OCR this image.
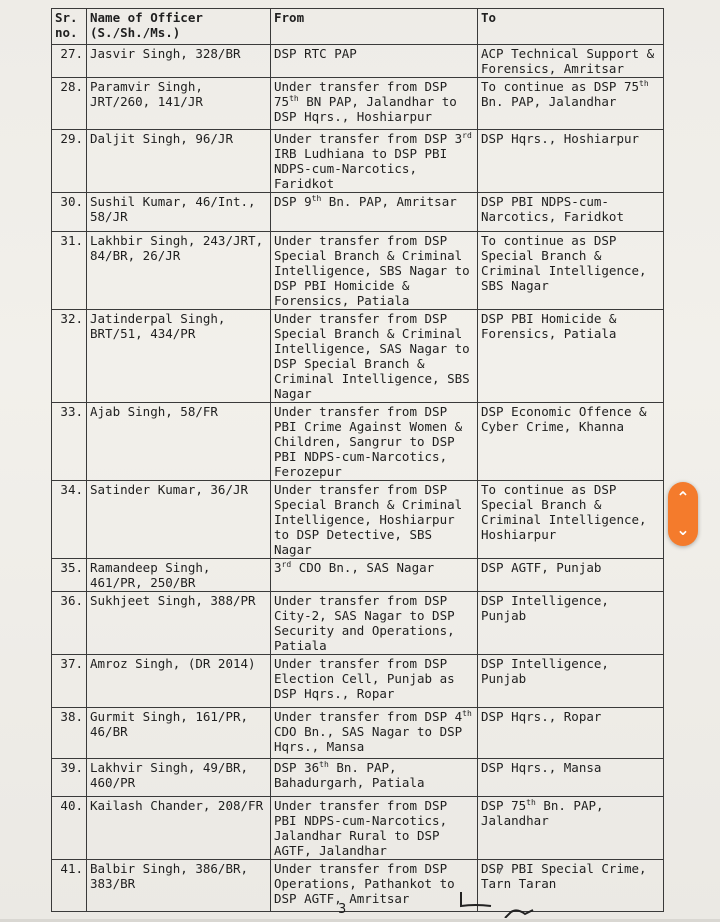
Sr. no.	Name of Officer (S./Sh./Ms.)	From	To
27.	Jasvir Singh, 328/BR	DSP RTC PAP	ACP Technical Support & Forensics, Amritsar
28.	Paramvir Singh, JRT/260, 141/JR	Under transfer from DSP 75th BN PAP, Jalandhar to DSP Hqrs., Hoshiarpur	To continue as DSP 75th Bn. PAP, Jalandhar
29.	Daljit Singh, 96/JR	Under transfer from DSP 3rd IRB Ludhiana to DSP PBI NDPS-cum-Narcotics, Faridkot	DSP Hqrs., Hoshiarpur
30.	Sushil Kumar, 46/Int., 58/JR	DSP 9th Bn. PAP, Amritsar	DSP PBI NDPS-cum-Narcotics, Faridkot
31.	Lakhbir Singh, 243/JRT, 84/BR, 26/JR	Under transfer from DSP Special Branch & Criminal Intelligence, SBS Nagar to DSP PBI Homicide & Forensics, Patiala	To continue as DSP Special Branch & Criminal Intelligence, SBS Nagar
32.	Jatinderpal Singh, BRT/51, 434/PR	Under transfer from DSP Special Branch & Criminal Intelligence, SAS Nagar to DSP Special Branch & Criminal Intelligence, SBS Nagar	DSP PBI Homicide & Forensics, Patiala
33.	Ajab Singh, 58/FR	Under transfer from DSP PBI Crime Against Women & Children, Sangrur to DSP PBI NDPS-cum-Narcotics, Ferozepur	DSP Economic Offence & Cyber Crime, Khanna
34.	Satinder Kumar, 36/JR	Under transfer from DSP Special Branch & Criminal Intelligence, Hoshiarpur to DSP Detective, SBS Nagar	To continue as DSP Special Branch & Criminal Intelligence, Hoshiarpur
35.	Ramandeep Singh, 461/PR, 250/BR	3rd CDO Bn., SAS Nagar	DSP AGTF, Punjab
36.	Sukhjeet Singh, 388/PR	Under transfer from DSP City-2, SAS Nagar to DSP Security and Operations, Patiala	DSP Intelligence, Punjab
37.	Amroz Singh, (DR 2014)	Under transfer from DSP Election Cell, Punjab as DSP Hqrs., Ropar	DSP Intelligence, Punjab
38.	Gurmit Singh, 161/PR, 46/BR	Under transfer from DSP 4th CDO Bn., SAS Nagar to DSP Hqrs., Mansa	DSP Hqrs., Ropar
39.	Lakhvir Singh, 49/BR, 460/PR	DSP 36th Bn. PAP, Bahadurgarh, Patiala	DSP Hqrs., Mansa
40.	Kailash Chander, 208/FR	Under transfer from DSP PBI NDPS-cum-Narcotics, Jalandhar Rural to DSP AGTF, Jalandhar	DSP 75th Bn. PAP, Jalandhar
41.	Balbir Singh, 386/BR, 383/BR	Under transfer from DSP Operations, Pathankot to DSP AGTF, Amritsar	DSP PBI Special Crime, Tarn Taran
3
⌃
⌄
